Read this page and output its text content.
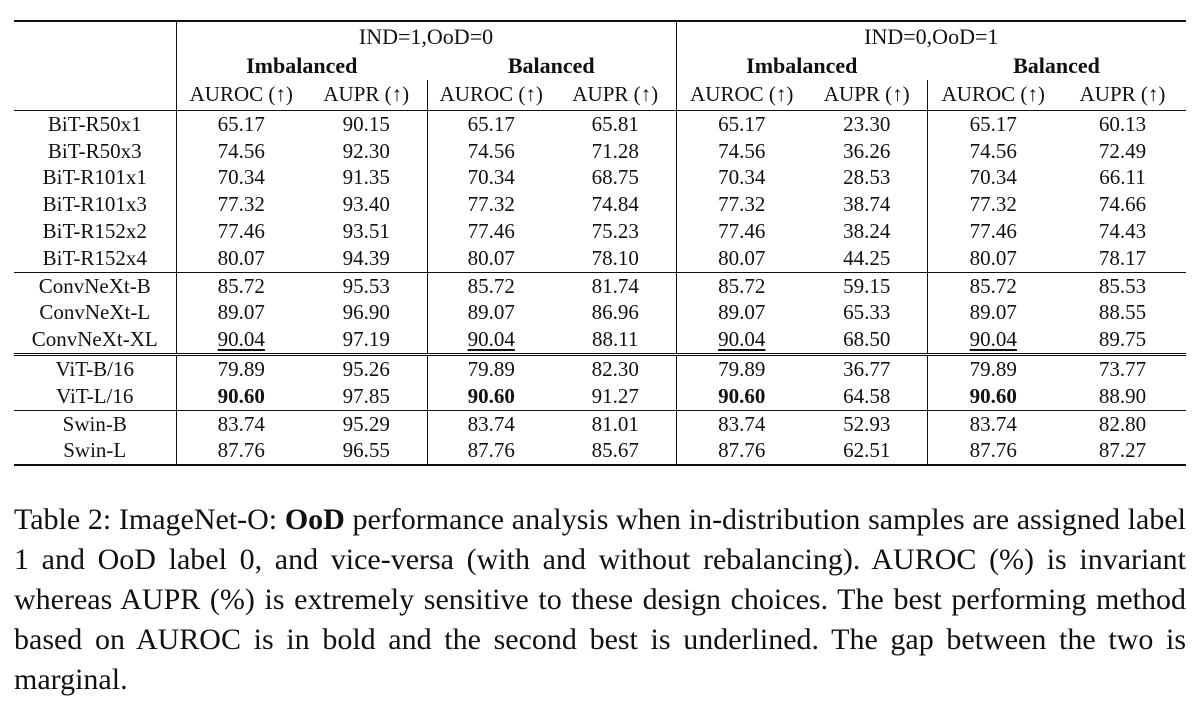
	IND=1,OoD=0				IND=0,OoD=1			
	Imbalanced		Balanced		Imbalanced		Balanced	
	AUROC (↑)	AUPR (↑)	AUROC (↑)	AUPR (↑)	AUROC (↑)	AUPR (↑)	AUROC (↑)	AUPR (↑)
BiT-R50x1	65.17	90.15	65.17	65.81	65.17	23.30	65.17	60.13
BiT-R50x3	74.56	92.30	74.56	71.28	74.56	36.26	74.56	72.49
BiT-R101x1	70.34	91.35	70.34	68.75	70.34	28.53	70.34	66.11
BiT-R101x3	77.32	93.40	77.32	74.84	77.32	38.74	77.32	74.66
BiT-R152x2	77.46	93.51	77.46	75.23	77.46	38.24	77.46	74.43
BiT-R152x4	80.07	94.39	80.07	78.10	80.07	44.25	80.07	78.17
ConvNeXt-B	85.72	95.53	85.72	81.74	85.72	59.15	85.72	85.53
ConvNeXt-L	89.07	96.90	89.07	86.96	89.07	65.33	89.07	88.55
ConvNeXt-XL	90.04	97.19	90.04	88.11	90.04	68.50	90.04	89.75
ViT-B/16	79.89	95.26	79.89	82.30	79.89	36.77	79.89	73.77
ViT-L/16	90.60	97.85	90.60	91.27	90.60	64.58	90.60	88.90
Swin-B	83.74	95.29	83.74	81.01	83.74	52.93	83.74	82.80
Swin-L	87.76	96.55	87.76	85.67	87.76	62.51	87.76	87.27
Table 2: ImageNet-O: OoD performance analysis when in-distribution samples are assigned label 1 and OoD label 0, and vice-versa (with and without rebalancing). AUROC (%) is invariant whereas AUPR (%) is extremely sensitive to these design choices. The best performing method based on AUROC is in bold and the second best is underlined. The gap between the two is marginal.
